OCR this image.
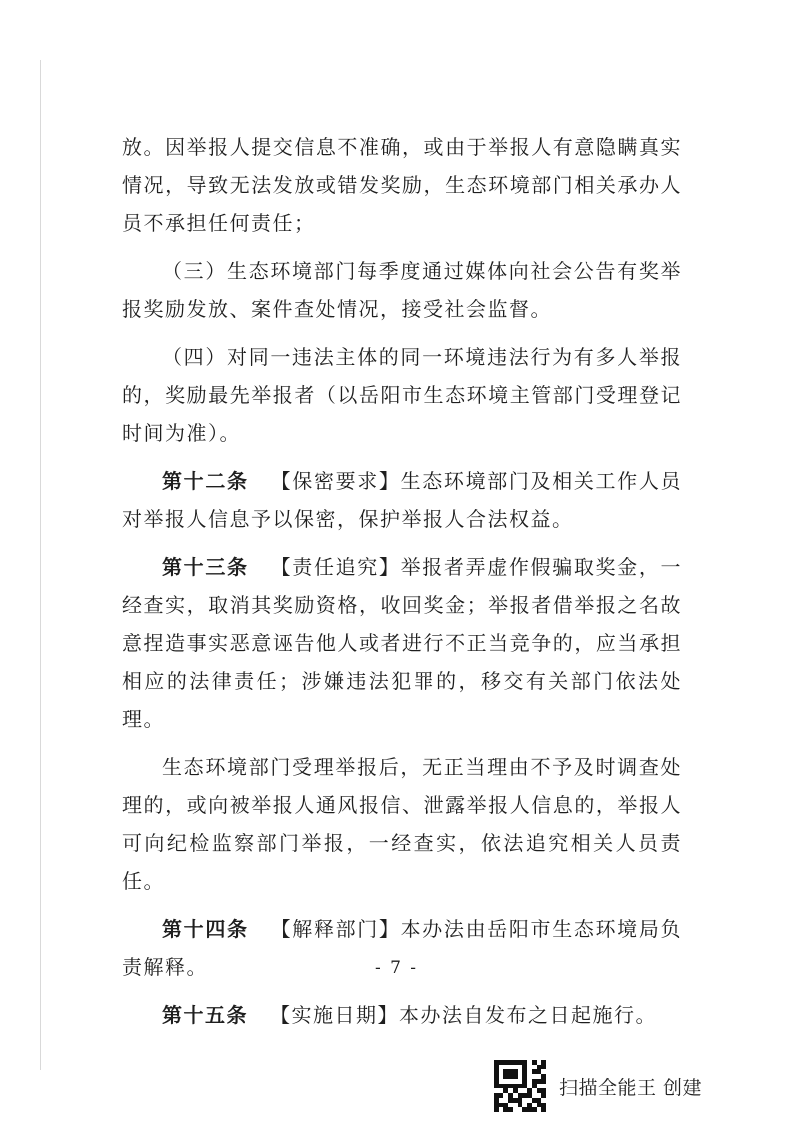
放。因举报人提交信息不准确，或由于举报人有意隐瞒真实情况，导致无法发放或错发奖励，生态环境部门相关承办人员不承担任何责任；

（三）生态环境部门每季度通过媒体向社会公告有奖举报奖励发放、案件查处情况，接受社会监督。

（四）对同一违法主体的同一环境违法行为有多人举报的，奖励最先举报者（以岳阳市生态环境主管部门受理登记时间为准）。

第十二条 【保密要求】生态环境部门及相关工作人员对举报人信息予以保密，保护举报人合法权益。

第十三条 【责任追究】举报者弄虚作假骗取奖金，一经查实，取消其奖励资格，收回奖金；举报者借举报之名故意捏造事实恶意诬告他人或者进行不正当竞争的，应当承担相应的法律责任；涉嫌违法犯罪的，移交有关部门依法处理。

生态环境部门受理举报后，无正当理由不予及时调查处理的，或向被举报人通风报信、泄露举报人信息的，举报人可向纪检监察部门举报，一经查实，依法追究相关人员责任。

第十四条 【解释部门】本办法由岳阳市生态环境局负责解释。

第十五条 【实施日期】本办法自发布之日起施行。

- 7 -
扫描全能王 创建
